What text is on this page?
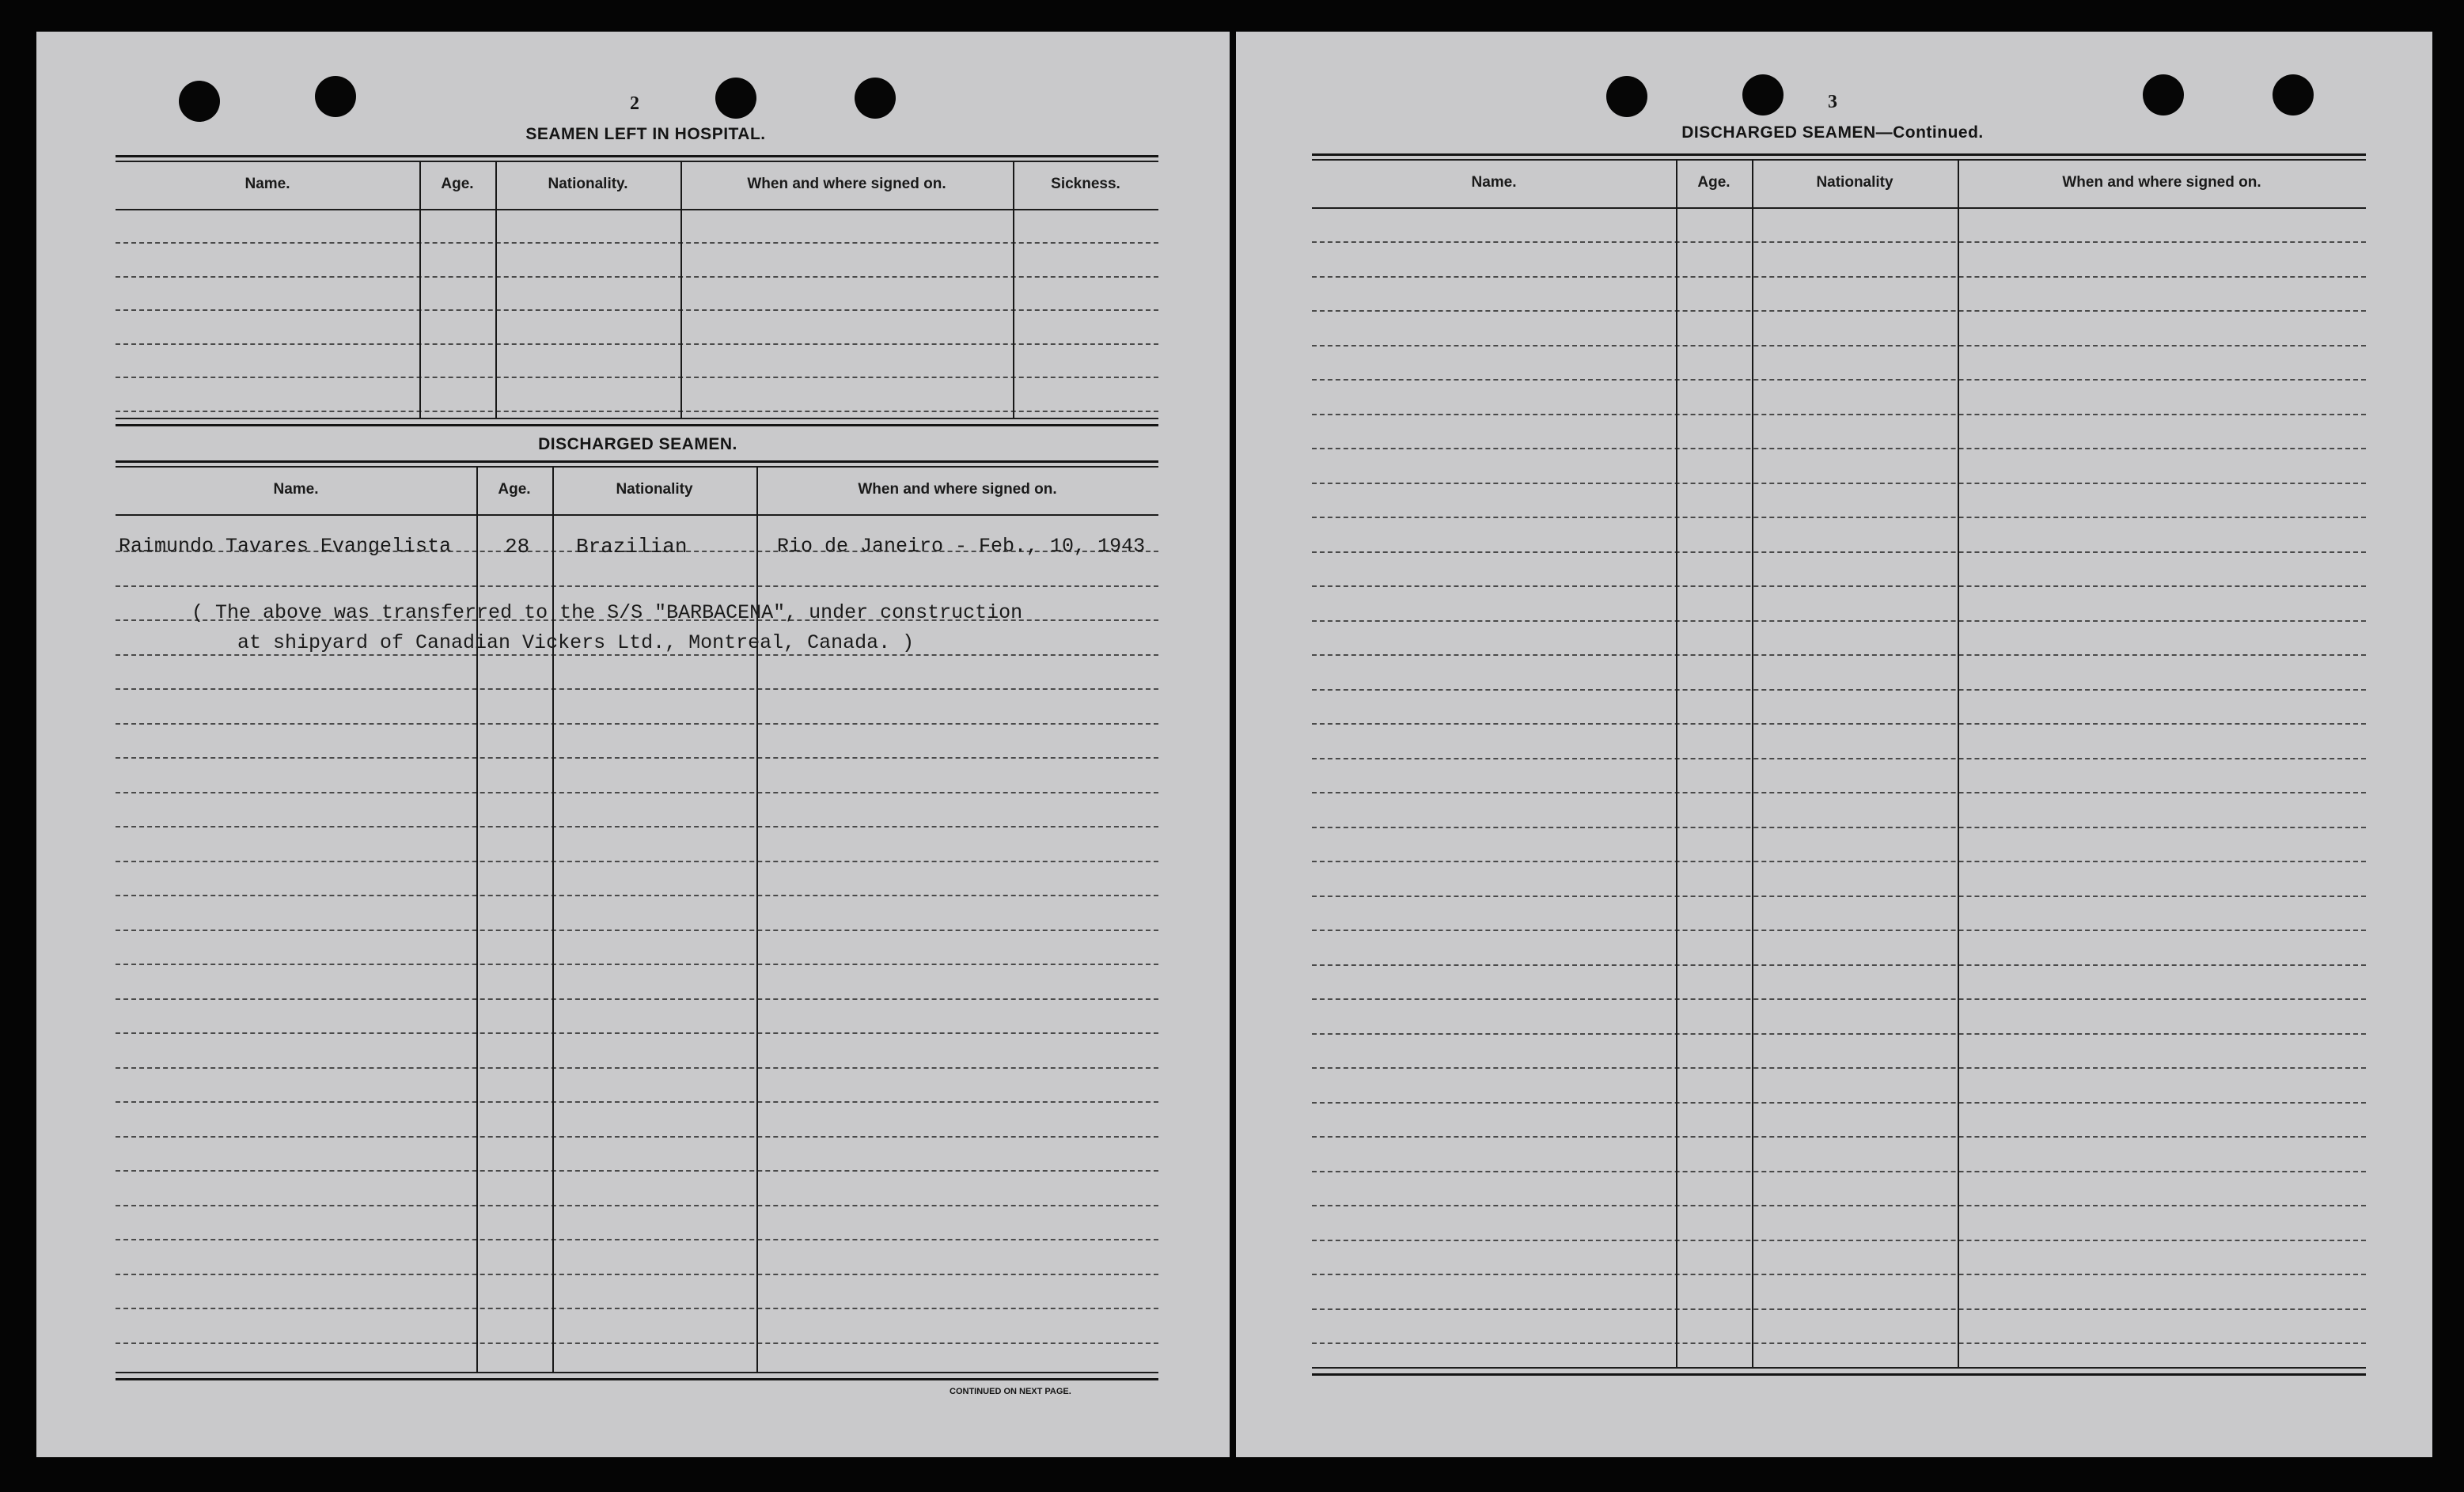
2
SEAMEN LEFT IN HOSPITAL.
Name.	Age.	Nationality.	When and where signed on.	Sickness.
DISCHARGED SEAMEN.
Name.	Age.	Nationality	When and where signed on.
Raimundo Tavares Evangelista	28 Brazilian	Rio de Janeiro - Feb., 10, 1943
( The above was transferred to the S/S "BARBACENA", under construction
at shipyard of Canadian Vickers Ltd., Montreal, Canada. )
CONTINUED ON NEXT PAGE.
3
DISCHARGED SEAMEN—Continued.
Name.	Age.	Nationality	When and where signed on.
